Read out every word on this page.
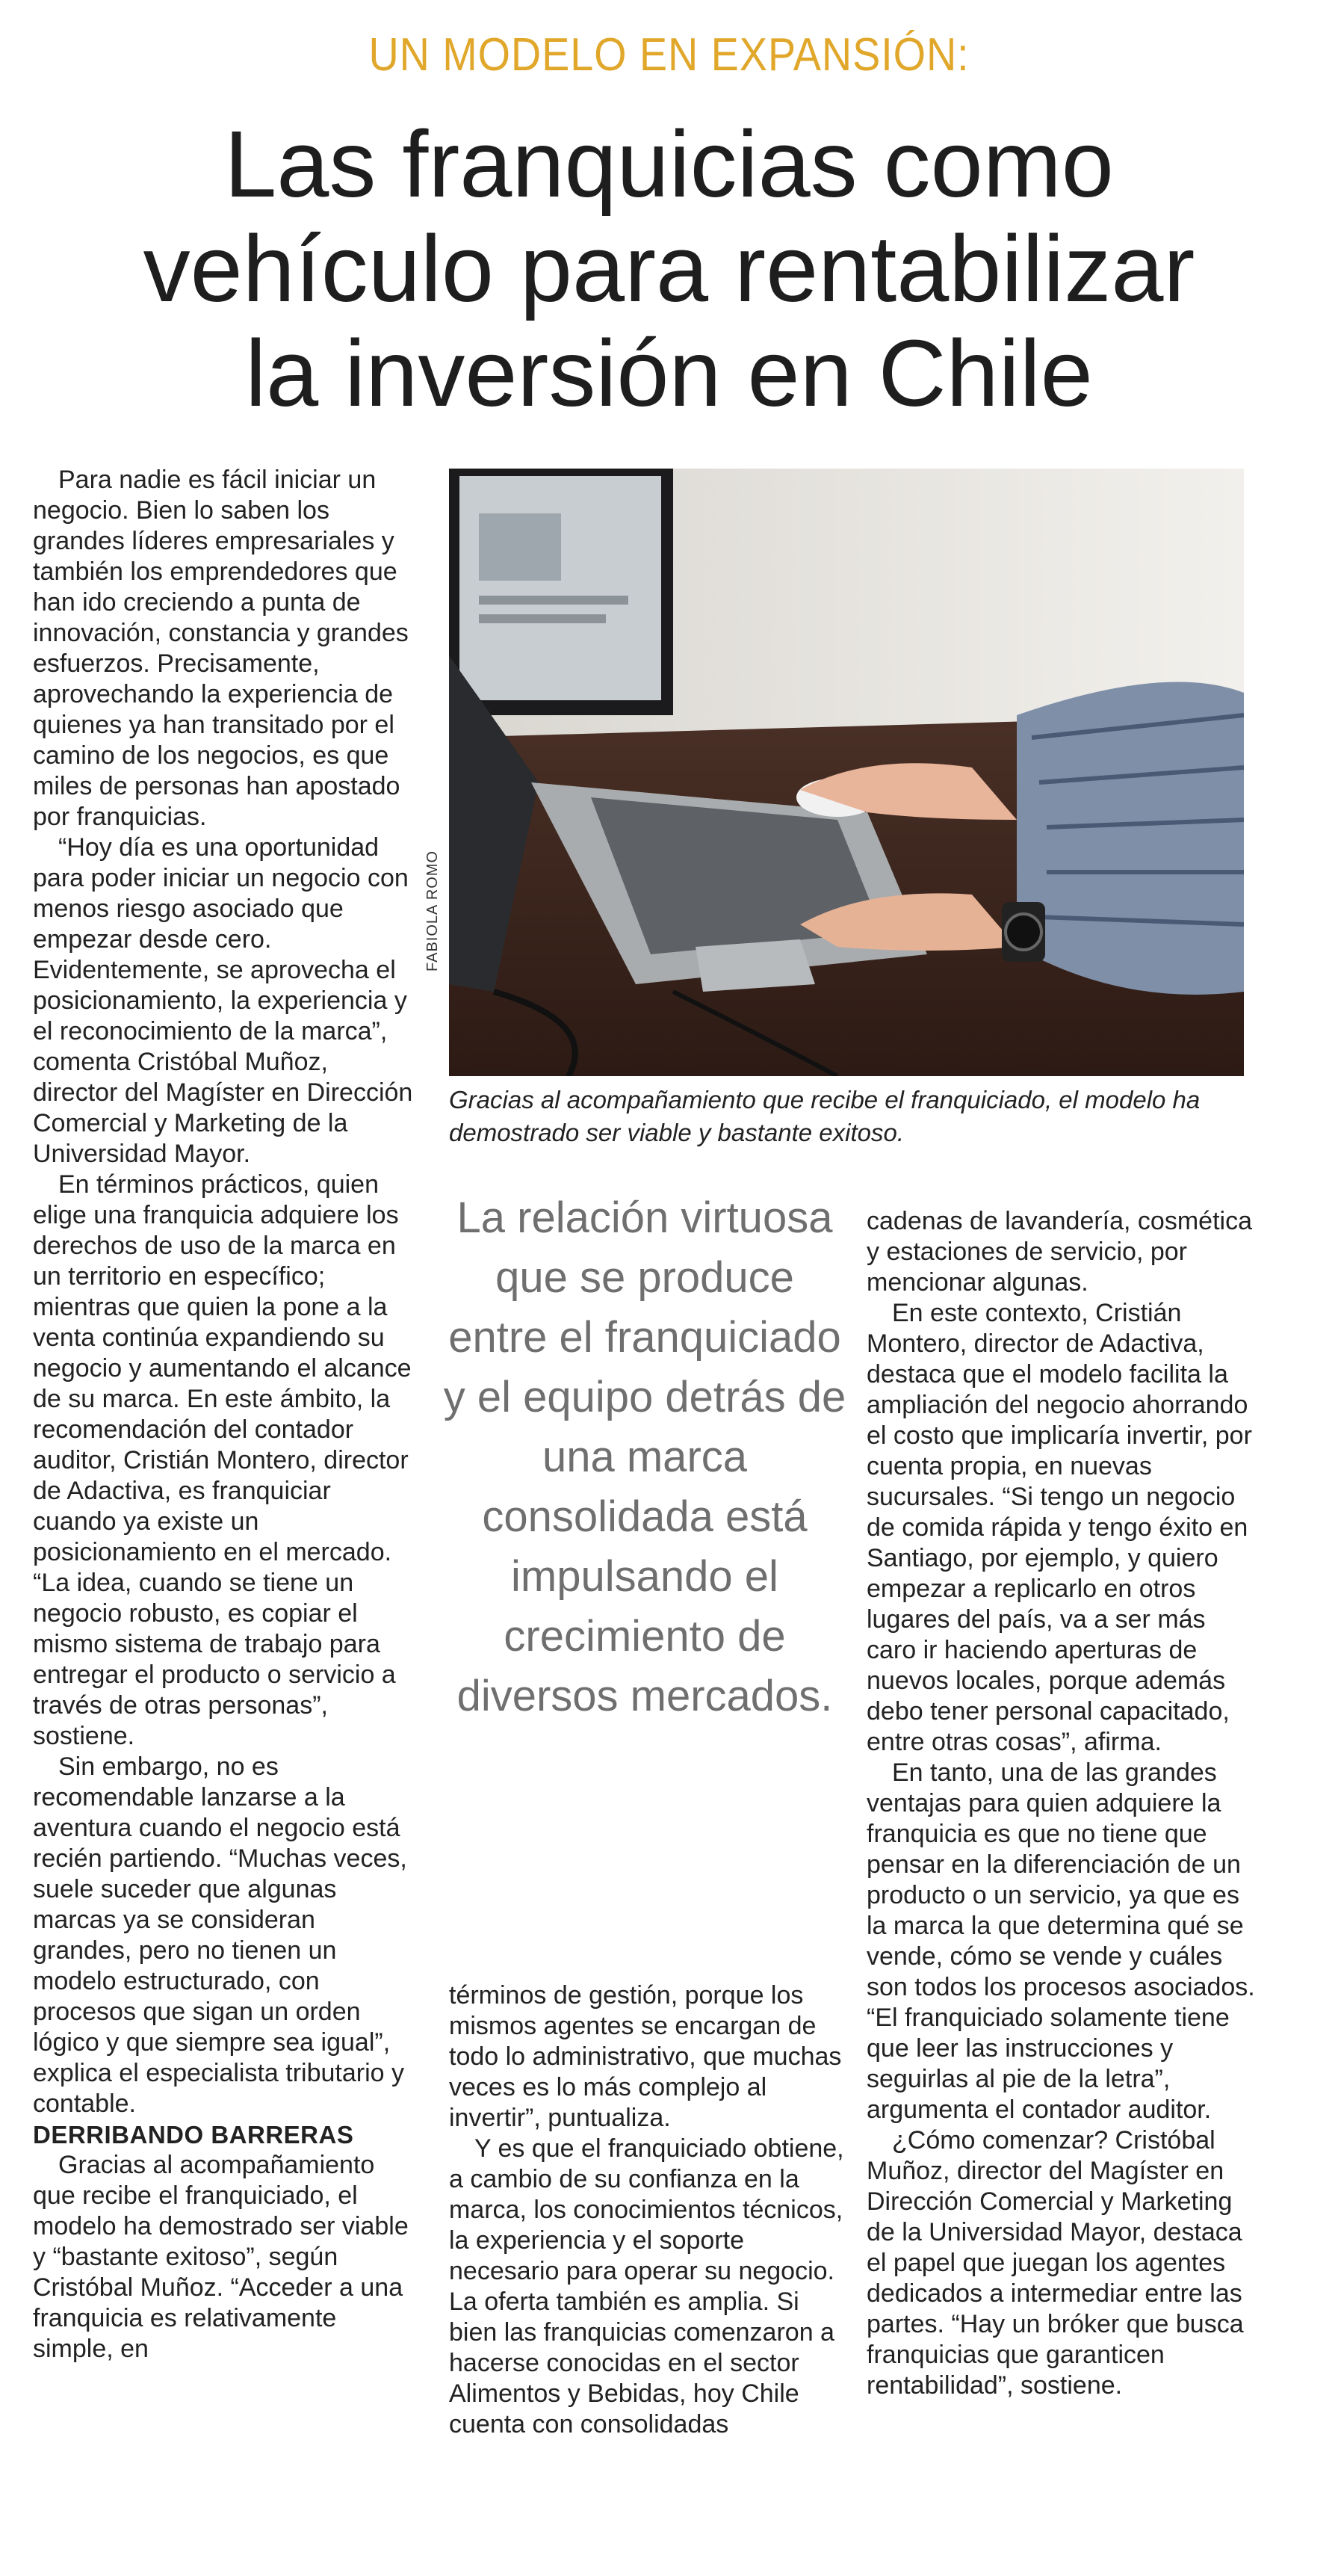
UN MODELO EN EXPANSIÓN:
Las franquicias como
vehículo para rentabilizar
la inversión en Chile

Para nadie es fácil iniciar un negocio. Bien lo saben los grandes líderes empresariales y también los emprendedores que han ido creciendo a punta de innovación, constancia y grandes esfuerzos. Precisamente, aprovechando la experiencia de quienes ya han transitado por el camino de los negocios, es que miles de personas han apostado por franquicias.

“Hoy día es una oportunidad para poder iniciar un negocio con menos riesgo asociado que empezar desde cero. Evidentemente, se aprovecha el posicionamiento, la experiencia y el reconocimiento de la marca”, comenta Cristóbal Muñoz, director del Magíster en Dirección Comercial y Marketing de la Universidad Mayor.

En términos prácticos, quien elige una franquicia adquiere los derechos de uso de la marca en un territorio en específico; mientras que quien la pone a la venta continúa expandiendo su negocio y aumentando el alcance de su marca. En este ámbito, la recomendación del contador auditor, Cristián Montero, director de Adactiva, es franquiciar cuando ya existe un posicionamiento en el mercado. “La idea, cuando se tiene un negocio robusto, es copiar el mismo sistema de trabajo para entregar el producto o servicio a través de otras personas”, sostiene.

Sin embargo, no es recomendable lanzarse a la aventura cuando el negocio está recién partiendo. “Muchas veces, suele suceder que algunas marcas ya se consideran grandes, pero no tienen un modelo estructurado, con procesos que sigan un orden lógico y que siempre sea igual”, explica el especialista tributario y contable.

DERRIBANDO BARRERAS

Gracias al acompañamiento que recibe el franquiciado, el modelo ha demostrado ser viable y “bastante exitoso”, según Cristóbal Muñoz. “Acceder a una franquicia es relativamente simple, en

FABIOLA ROMO
Gracias al acompañamiento que recibe el franquiciado, el modelo ha demostrado ser viable y bastante exitoso.
La relación virtuosa que se produce entre el franquiciado y el equipo detrás de una marca consolidada está impulsando el crecimiento de diversos mercados.

términos de gestión, porque los mismos agentes se encargan de todo lo administrativo, que muchas veces es lo más complejo al invertir”, puntualiza.

Y es que el franquiciado obtiene, a cambio de su confianza en la marca, los conocimientos técnicos, la experiencia y el soporte necesario para operar su negocio. La oferta también es amplia. Si bien las franquicias comenzaron a hacerse conocidas en el sector Alimentos y Bebidas, hoy Chile cuenta con consolidadas

cadenas de lavandería, cosmética y estaciones de servicio, por mencionar algunas.

En este contexto, Cristián Montero, director de Adactiva, destaca que el modelo facilita la ampliación del negocio ahorrando el costo que implicaría invertir, por cuenta propia, en nuevas sucursales. “Si tengo un negocio de comida rápida y tengo éxito en Santiago, por ejemplo, y quiero empezar a replicarlo en otros lugares del país, va a ser más caro ir haciendo aperturas de nuevos locales, porque además debo tener personal capacitado, entre otras cosas”, afirma.

En tanto, una de las grandes ventajas para quien adquiere la franquicia es que no tiene que pensar en la diferenciación de un producto o un servicio, ya que es la marca la que determina qué se vende, cómo se vende y cuáles son todos los procesos asociados. “El franquiciado solamente tiene que leer las instrucciones y seguirlas al pie de la letra”, argumenta el contador auditor.

¿Cómo comenzar? Cristóbal Muñoz, director del Magíster en Dirección Comercial y Marketing de la Universidad Mayor, destaca el papel que juegan los agentes dedicados a intermediar entre las partes. “Hay un bróker que busca franquicias que garanticen rentabilidad”, sostiene.
